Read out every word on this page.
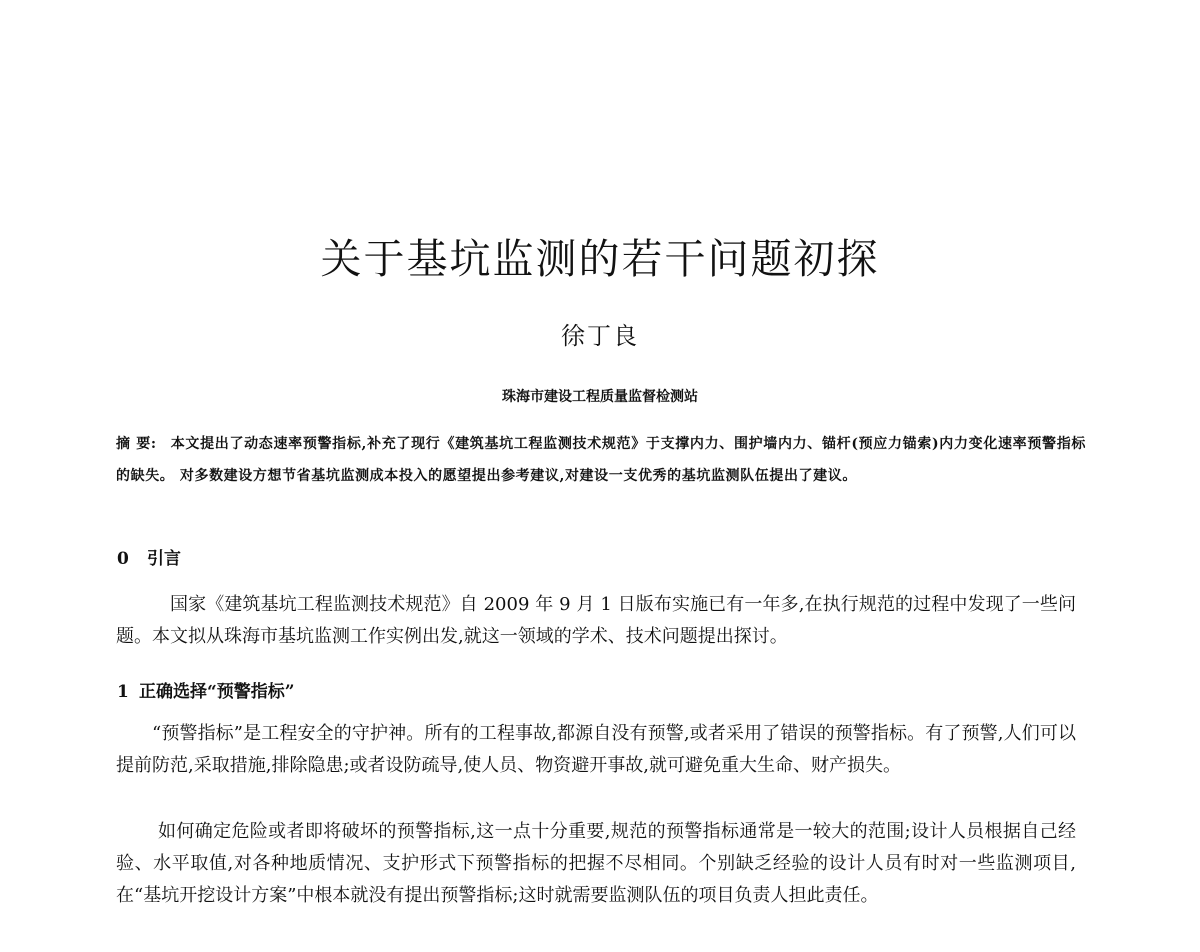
关于基坑监测的若干问题初探
徐丁良
珠海市建设工程质量监督检测站
摘 要: 本文提出了动态速率预警指标,补充了现行《建筑基坑工程监测技术规范》于支撑内力、围护墙内力、锚杆(预应力锚索)内力变化速率预警指标的缺失。 对多数建设方想节省基坑监测成本投入的愿望提出参考建议,对建设一支优秀的基坑监测队伍提出了建议。
0 引言

国家《建筑基坑工程监测技术规范》自 2009 年 9 月 1 日版布实施已有一年多,在执行规范的过程中发现了一些问题。本文拟从珠海市基坑监测工作实例出发,就这一领域的学术、技术问题提出探讨。

1 正确选择“预警指标”

“预警指标”是工程安全的守护神。所有的工程事故,都源自没有预警,或者采用了错误的预警指标。有了预警,人们可以提前防范,采取措施,排除隐患;或者设防疏导,使人员、物资避开事故,就可避免重大生命、财产损失。

如何确定危险或者即将破坏的预警指标,这一点十分重要,规范的预警指标通常是一较大的范围;设计人员根据自己经验、水平取值,对各种地质情况、支护形式下预警指标的把握不尽相同。个别缺乏经验的设计人员有时对一些监测项目,在“基坑开挖设计方案”中根本就没有提出预警指标;这时就需要监测队伍的项目负责人担此责任。
